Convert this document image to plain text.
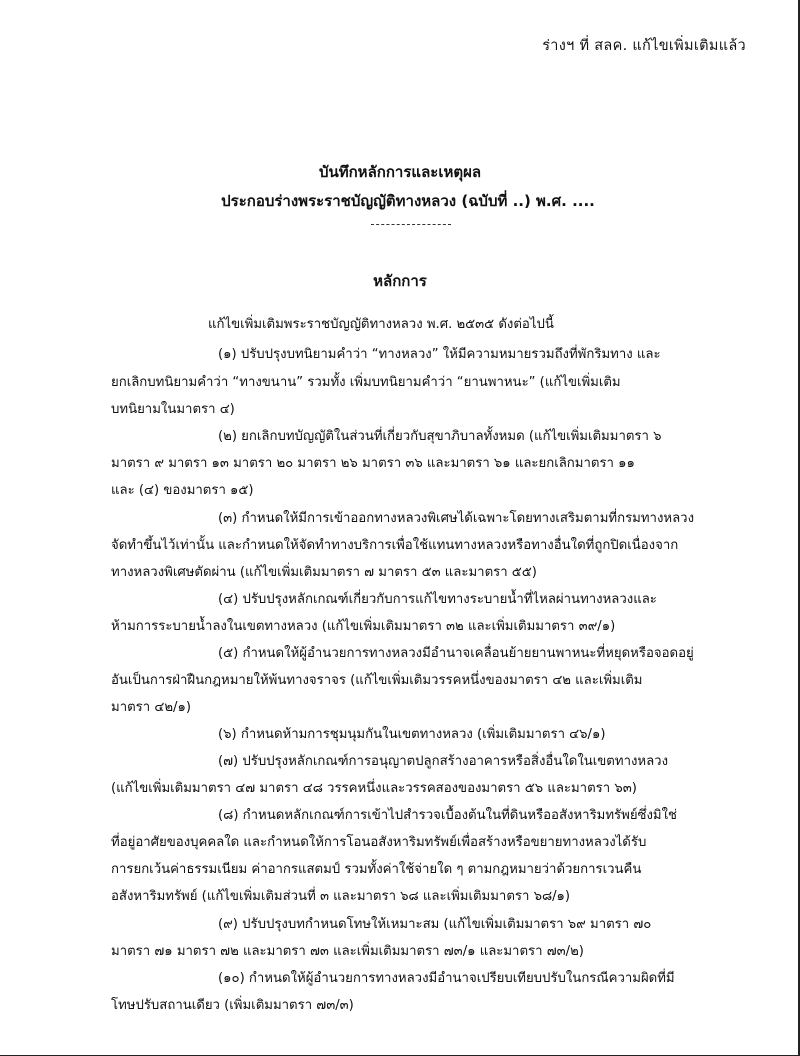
ร่างฯ ที่ สลค. แก้ไขเพิ่มเติมแล้ว
บันทึกหลักการและเหตุผล
ประกอบร่างพระราชบัญญัติทางหลวง (ฉบับที่ ..) พ.ศ. ....
หลักการ
แก้ไขเพิ่มเติมพระราชบัญญัติทางหลวง พ.ศ. ๒๕๓๕ ดังต่อไปนี้
(๑) ปรับปรุงบทนิยามคำว่า “ทางหลวง” ให้มีความหมายรวมถึงที่พักริมทาง และ
ยกเลิกบทนิยามคำว่า “ทางขนาน” รวมทั้ง เพิ่มบทนิยามคำว่า “ยานพาหนะ” (แก้ไขเพิ่มเติม
บทนิยามในมาตรา ๔)
(๒) ยกเลิกบทบัญญัติในส่วนที่เกี่ยวกับสุขาภิบาลทั้งหมด (แก้ไขเพิ่มเติมมาตรา ๖
มาตรา ๙ มาตรา ๑๓ มาตรา ๒๐ มาตรา ๒๖ มาตรา ๓๖ และมาตรา ๖๑ และยกเลิกมาตรา ๑๑
และ (๔) ของมาตรา ๑๕)
(๓) กำหนดให้มีการเข้าออกทางหลวงพิเศษได้เฉพาะโดยทางเสริมตามที่กรมทางหลวง
จัดทำขึ้นไว้เท่านั้น และกำหนดให้จัดทำทางบริการเพื่อใช้แทนทางหลวงหรือทางอื่นใดที่ถูกปิดเนื่องจาก
ทางหลวงพิเศษตัดผ่าน (แก้ไขเพิ่มเติมมาตรา ๗ มาตรา ๕๓ และมาตรา ๕๕)
(๔) ปรับปรุงหลักเกณฑ์เกี่ยวกับการแก้ไขทางระบายน้ำที่ไหลผ่านทางหลวงและ
ห้ามการระบายน้ำลงในเขตทางหลวง (แก้ไขเพิ่มเติมมาตรา ๓๒ และเพิ่มเติมมาตรา ๓๙/๑)
(๕) กำหนดให้ผู้อำนวยการทางหลวงมีอำนาจเคลื่อนย้ายยานพาหนะที่หยุดหรือจอดอยู่
อันเป็นการฝ่าฝืนกฎหมายให้พ้นทางจราจร (แก้ไขเพิ่มเติมวรรคหนึ่งของมาตรา ๔๒ และเพิ่มเติม
มาตรา ๔๒/๑)
(๖) กำหนดห้ามการชุมนุมกันในเขตทางหลวง (เพิ่มเติมมาตรา ๔๖/๑)
(๗) ปรับปรุงหลักเกณฑ์การอนุญาตปลูกสร้างอาคารหรือสิ่งอื่นใดในเขตทางหลวง
(แก้ไขเพิ่มเติมมาตรา ๔๗ มาตรา ๔๘ วรรคหนึ่งและวรรคสองของมาตรา ๕๖ และมาตรา ๖๓)
(๘) กำหนดหลักเกณฑ์การเข้าไปสำรวจเบื้องต้นในที่ดินหรืออสังหาริมทรัพย์ซึ่งมิใช่
ที่อยู่อาศัยของบุคคลใด และกำหนดให้การโอนอสังหาริมทรัพย์เพื่อสร้างหรือขยายทางหลวงได้รับ
การยกเว้นค่าธรรมเนียม ค่าอากรแสตมป์ รวมทั้งค่าใช้จ่ายใด ๆ ตามกฎหมายว่าด้วยการเวนคืน
อสังหาริมทรัพย์ (แก้ไขเพิ่มเติมส่วนที่ ๓ และมาตรา ๖๘ และเพิ่มเติมมาตรา ๖๘/๑)
(๙) ปรับปรุงบทกำหนดโทษให้เหมาะสม (แก้ไขเพิ่มเติมมาตรา ๖๙ มาตรา ๗๐
มาตรา ๗๑ มาตรา ๗๒ และมาตรา ๗๓ และเพิ่มเติมมาตรา ๗๓/๑ และมาตรา ๗๓/๒)
(๑๐) กำหนดให้ผู้อำนวยการทางหลวงมีอำนาจเปรียบเทียบปรับในกรณีความผิดที่มี
โทษปรับสถานเดียว (เพิ่มเติมมาตรา ๗๓/๓)
